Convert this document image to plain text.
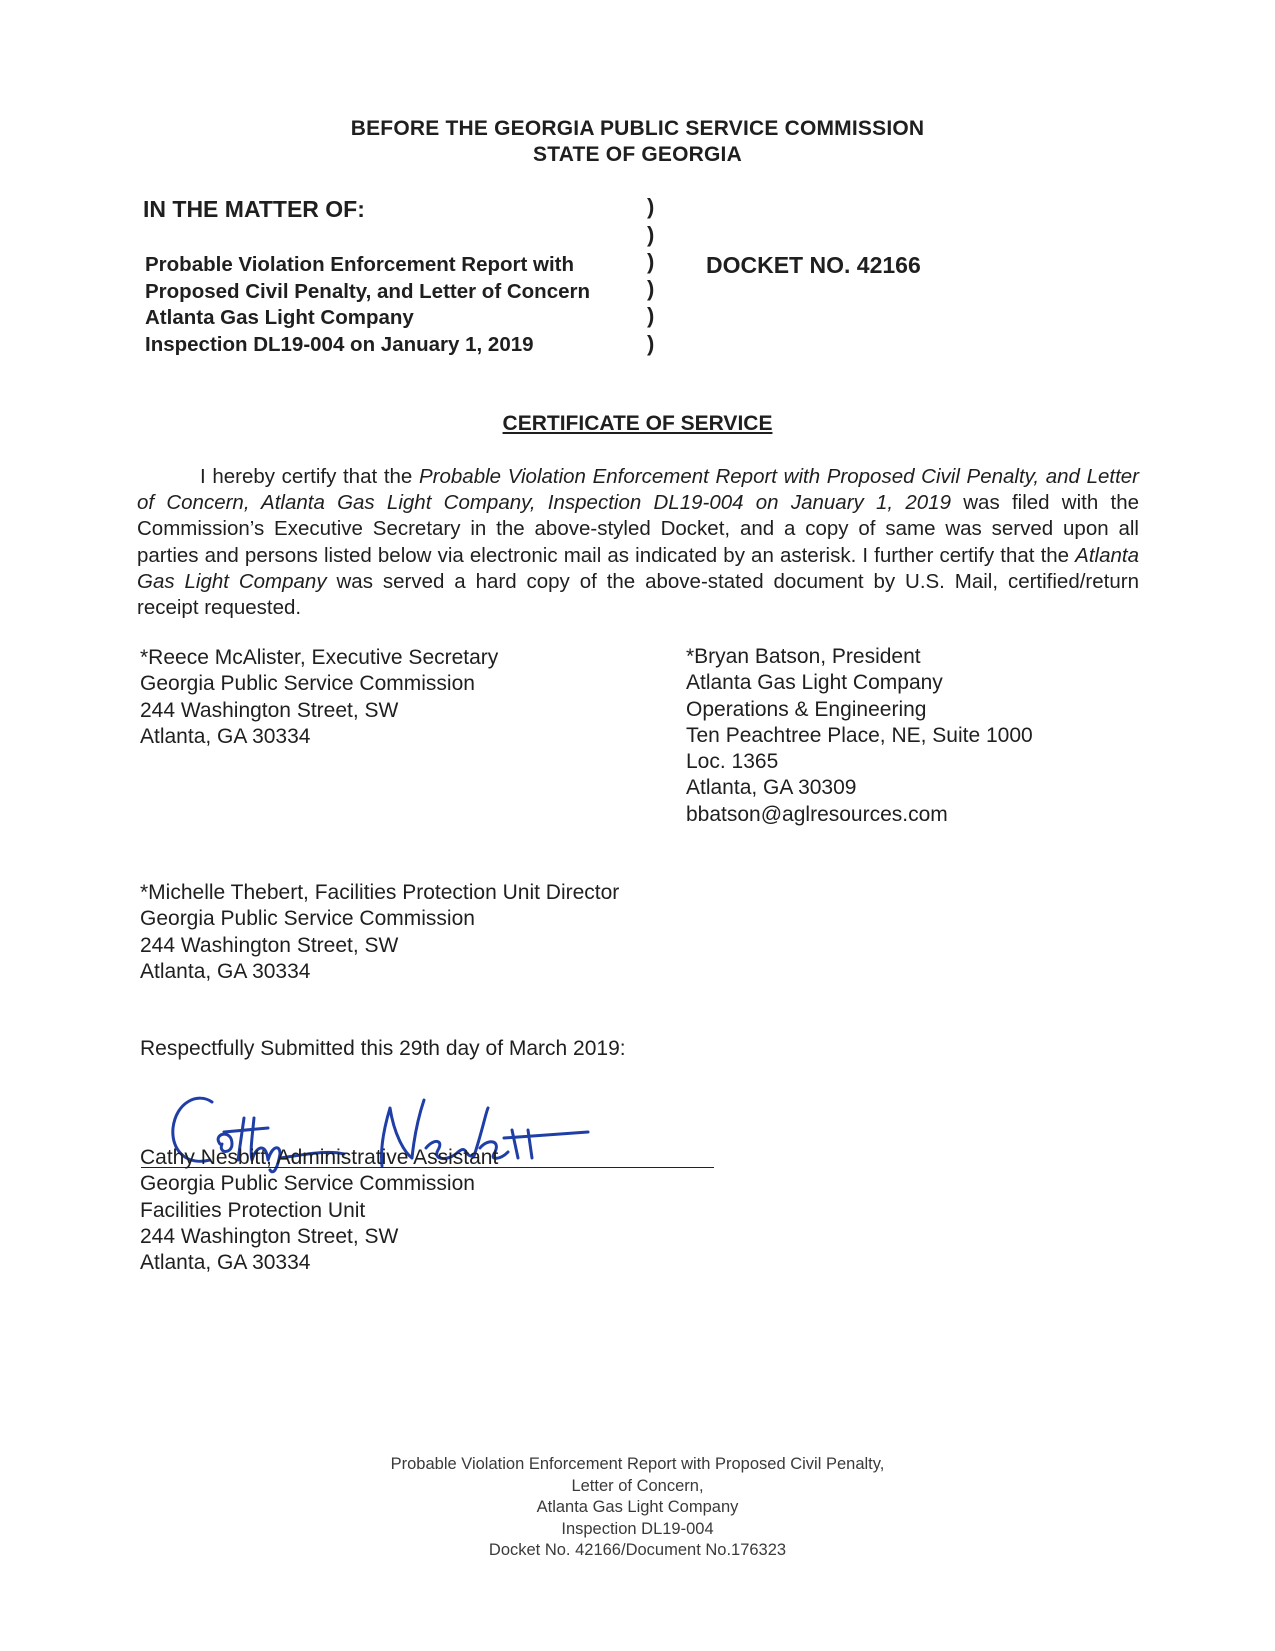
BEFORE THE GEORGIA PUBLIC SERVICE COMMISSION
STATE OF GEORGIA
IN THE MATTER OF:
Probable Violation Enforcement Report with
Proposed Civil Penalty, and Letter of Concern
Atlanta Gas Light Company
Inspection DL19-004 on January 1, 2019
)
)
)
)
)
)
DOCKET NO. 42166
CERTIFICATE OF SERVICE

I hereby certify that the Probable Violation Enforcement Report with Proposed Civil Penalty, and Letter of Concern, Atlanta Gas Light Company, Inspection DL19-004 on January 1, 2019 was filed with the Commission’s Executive Secretary in the above-styled Docket, and a copy of same was served upon all parties and persons listed below via electronic mail as indicated by an asterisk. I further certify that the Atlanta Gas Light Company was served a hard copy of the above-stated document by U.S. Mail, certified/return receipt requested.

*Reece McAlister, Executive Secretary
Georgia Public Service Commission
244 Washington Street, SW
Atlanta, GA 30334
*Bryan Batson, President
Atlanta Gas Light Company
Operations & Engineering
Ten Peachtree Place, NE, Suite 1000
Loc. 1365
Atlanta, GA 30309
bbatson@aglresources.com
*Michelle Thebert, Facilities Protection Unit Director
Georgia Public Service Commission
244 Washington Street, SW
Atlanta, GA 30334
Respectfully Submitted this 29th day of March 2019:
Cathy Nesbitt
Cathy Nesbitt, Administrative Assistant
Georgia Public Service Commission
Facilities Protection Unit
244 Washington Street, SW
Atlanta, GA 30334
Probable Violation Enforcement Report with Proposed Civil Penalty,
Letter of Concern,
Atlanta Gas Light Company
Inspection DL19-004
Docket No. 42166/Document No.176323
